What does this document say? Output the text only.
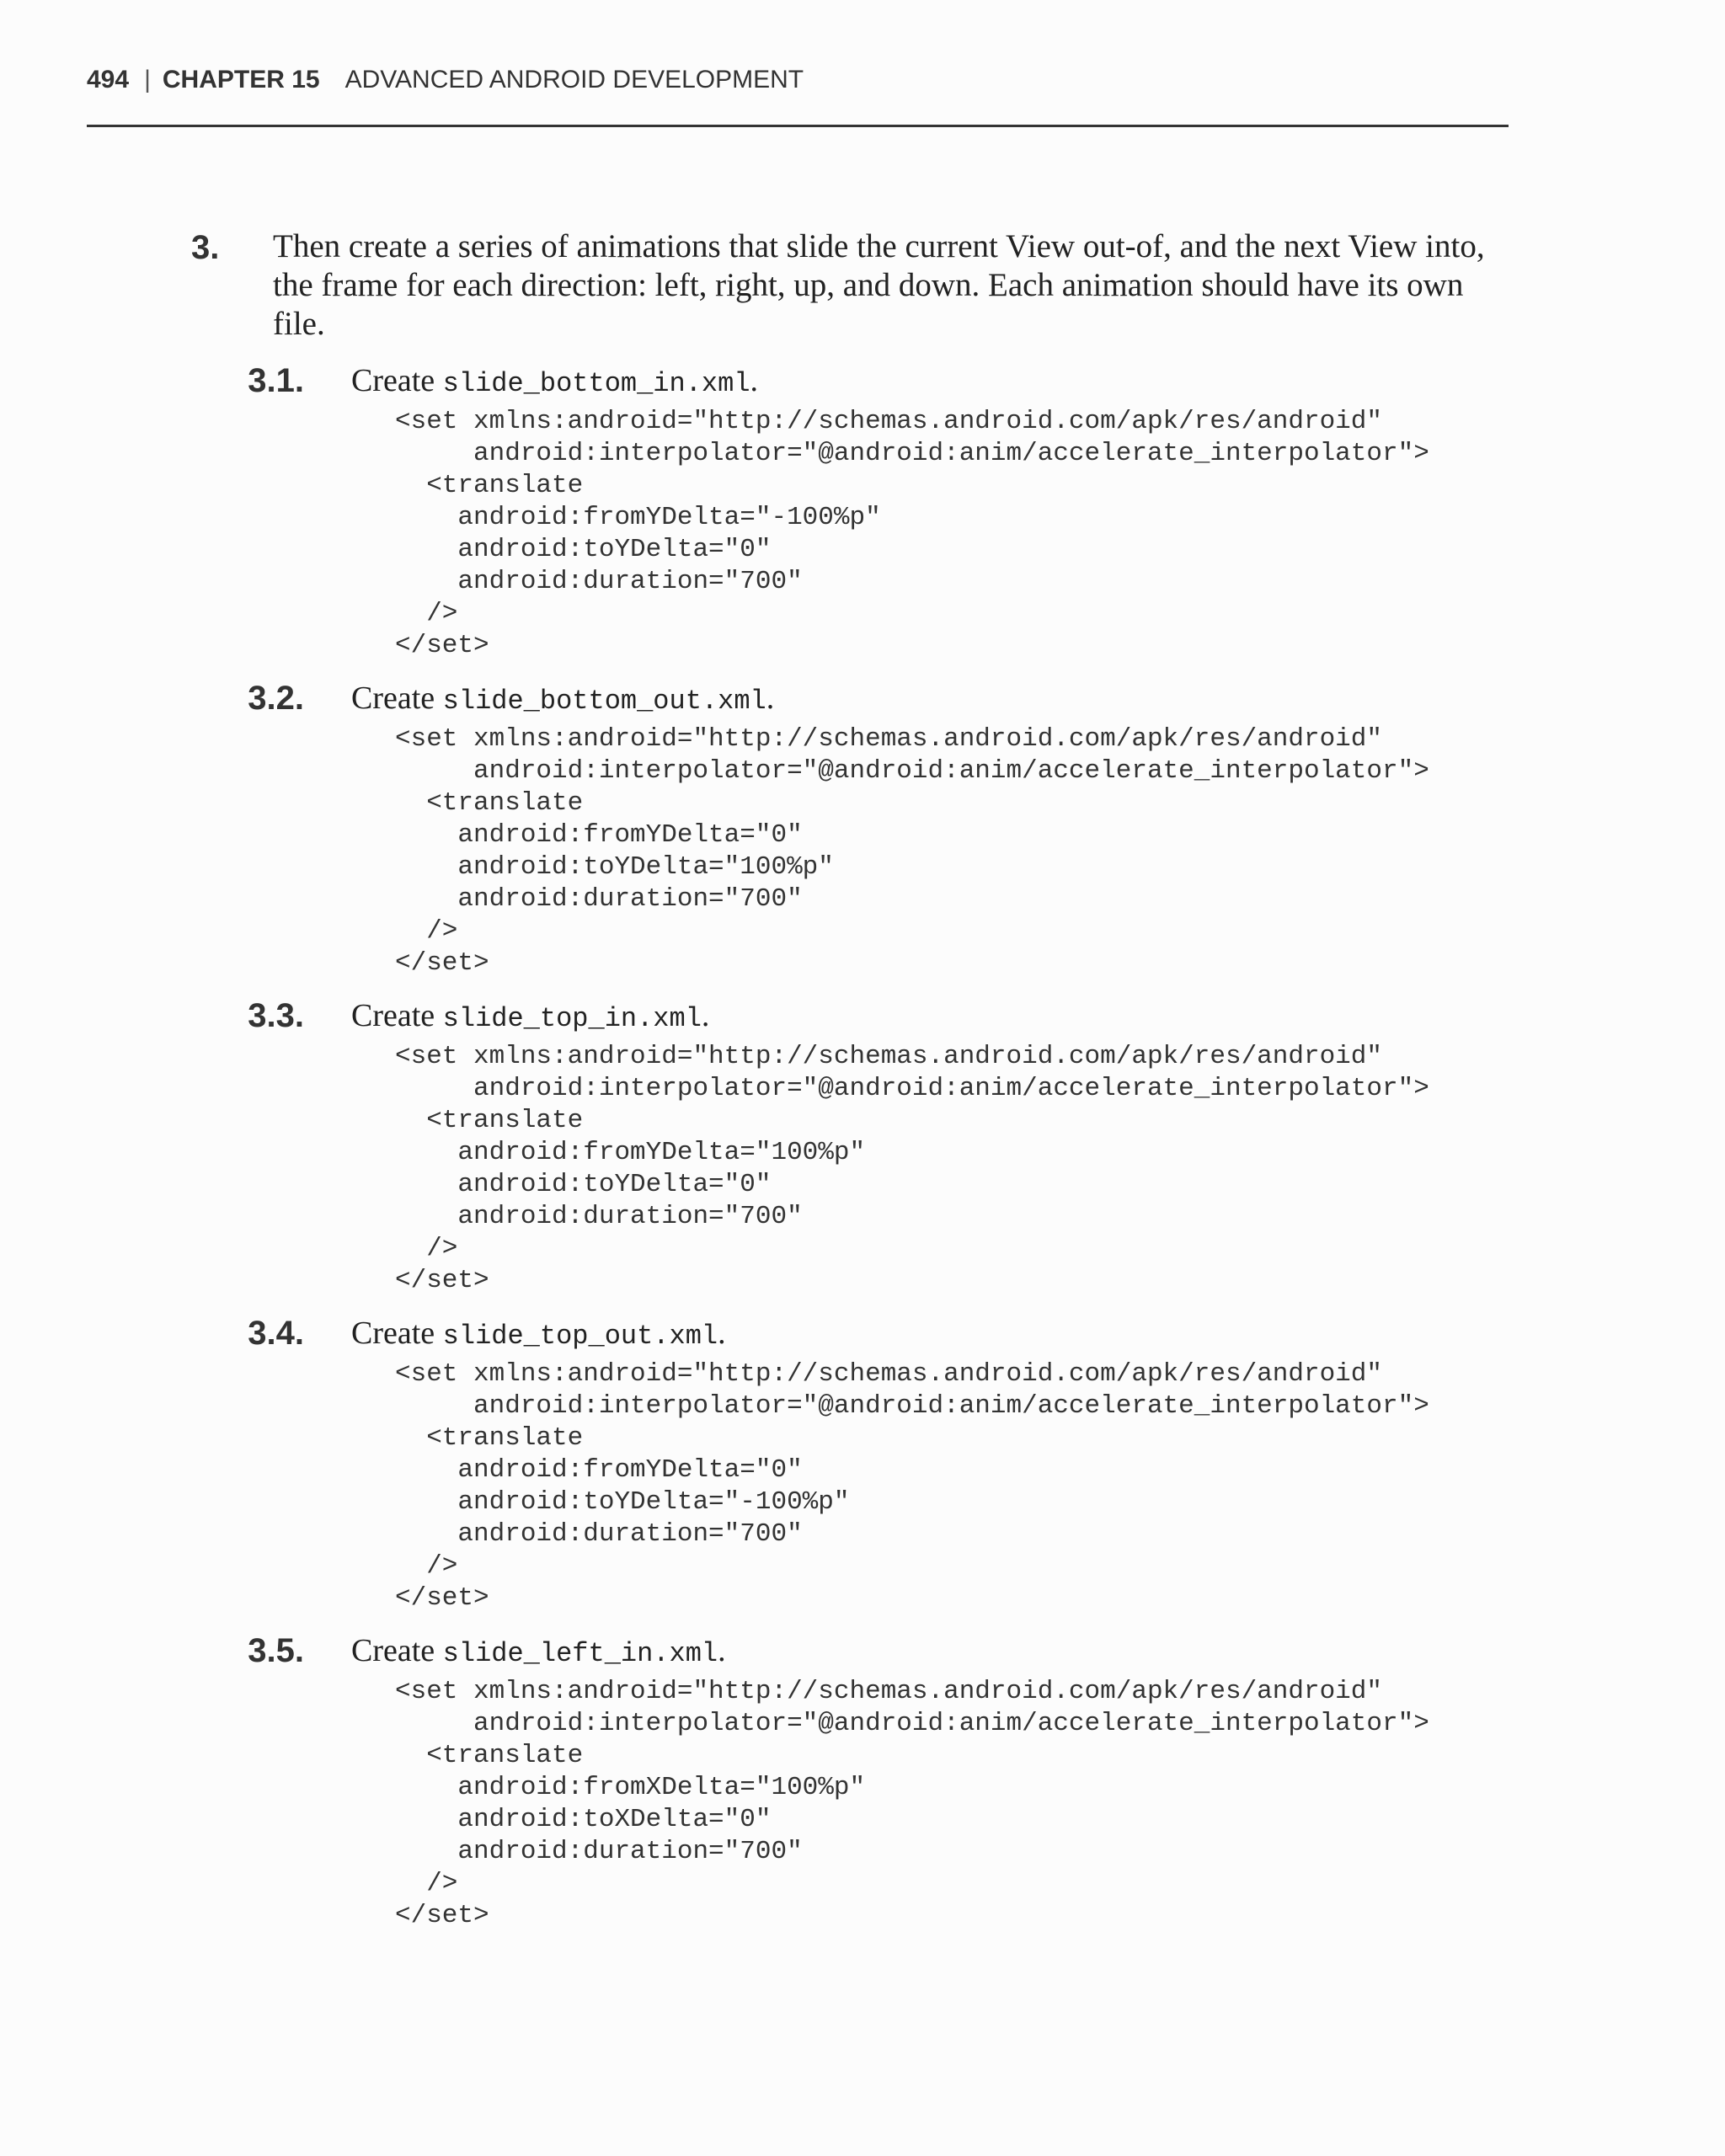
494 | CHAPTER 15 ADVANCED ANDROID DEVELOPMENT
3. Then create a series of animations that slide the current View out-of, and the next View into, the frame for each direction: left, right, up, and down. Each animation should have its own file.
3.1. Create slide_bottom_in.xml.
<set xmlns:android="http://schemas.android.com/apk/res/android"
android:interpolator="@android:anim/accelerate_interpolator">
<translate
android:fromYDelta="-100%p"
android:toYDelta="0"
android:duration="700"
/>
</set>
3.2. Create slide_bottom_out.xml.
<set xmlns:android="http://schemas.android.com/apk/res/android"
android:interpolator="@android:anim/accelerate_interpolator">
<translate
android:fromYDelta="0"
android:toYDelta="100%p"
android:duration="700"
/>
</set>
3.3. Create slide_top_in.xml.
<set xmlns:android="http://schemas.android.com/apk/res/android"
android:interpolator="@android:anim/accelerate_interpolator">
<translate
android:fromYDelta="100%p"
android:toYDelta="0"
android:duration="700"
/>
</set>
3.4. Create slide_top_out.xml.
<set xmlns:android="http://schemas.android.com/apk/res/android"
android:interpolator="@android:anim/accelerate_interpolator">
<translate
android:fromYDelta="0"
android:toYDelta="-100%p"
android:duration="700"
/>
</set>
3.5. Create slide_left_in.xml.
<set xmlns:android="http://schemas.android.com/apk/res/android"
android:interpolator="@android:anim/accelerate_interpolator">
<translate
android:fromXDelta="100%p"
android:toXDelta="0"
android:duration="700"
/>
</set>
